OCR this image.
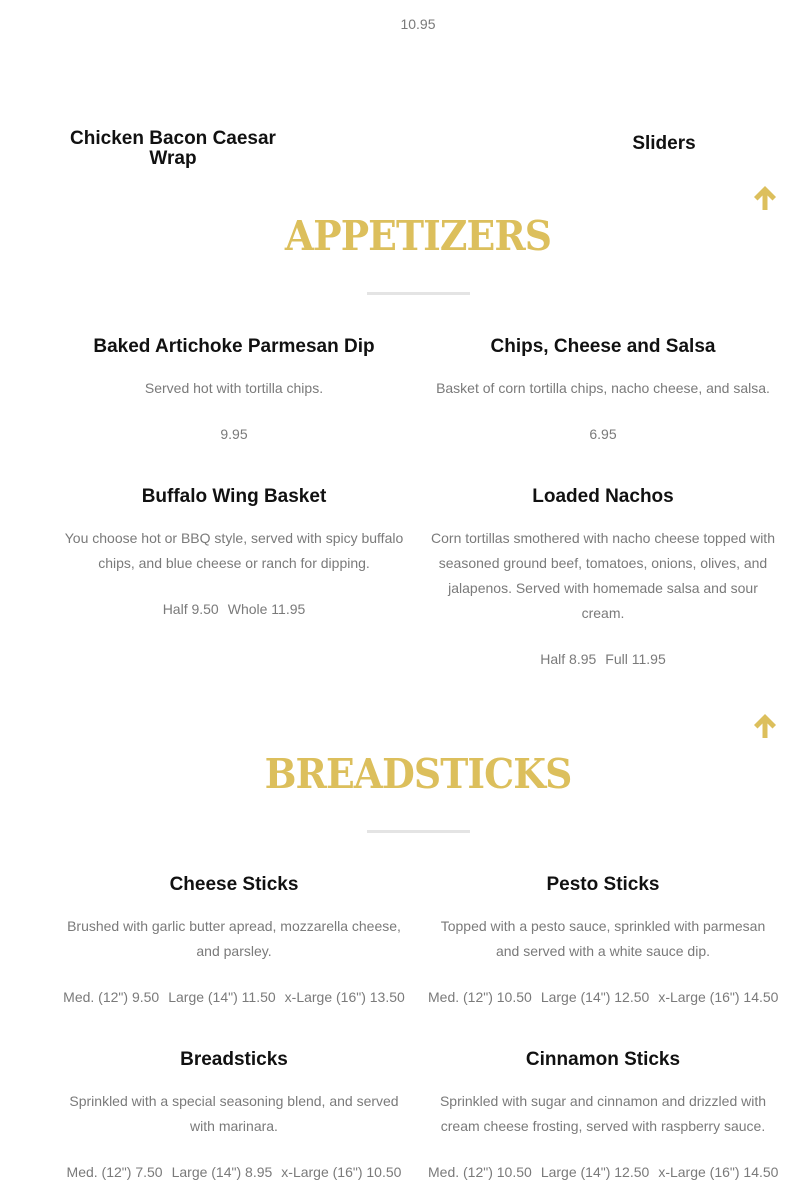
10.95
Chicken Bacon Caesar Wrap
Sliders
APPETIZERS
Baked Artichoke Parmesan Dip
Served hot with tortilla chips.
9.95
Chips, Cheese and Salsa
Basket of corn tortilla chips, nacho cheese, and salsa.
6.95
Buffalo Wing Basket
You choose hot or BBQ style, served with spicy buffalo chips, and blue cheese or ranch for dipping.
Half 9.50 Whole 11.95
Loaded Nachos
Corn tortillas smothered with nacho cheese topped with seasoned ground beef, tomatoes, onions, olives, and jalapenos. Served with homemade salsa and sour cream.
Half 8.95 Full 11.95
BREADSTICKS
Cheese Sticks
Brushed with garlic butter apread, mozzarella cheese, and parsley.
Med. (12") 9.50 Large (14") 11.50 x-Large (16") 13.50
Pesto Sticks
Topped with a pesto sauce, sprinkled with parmesan and served with a white sauce dip.
Med. (12") 10.50 Large (14") 12.50 x-Large (16") 14.50
Breadsticks
Sprinkled with a special seasoning blend, and served with marinara.
Med. (12") 7.50 Large (14") 8.95 x-Large (16") 10.50
Cinnamon Sticks
Sprinkled with sugar and cinnamon and drizzled with cream cheese frosting, served with raspberry sauce.
Med. (12") 10.50 Large (14") 12.50 x-Large (16") 14.50
